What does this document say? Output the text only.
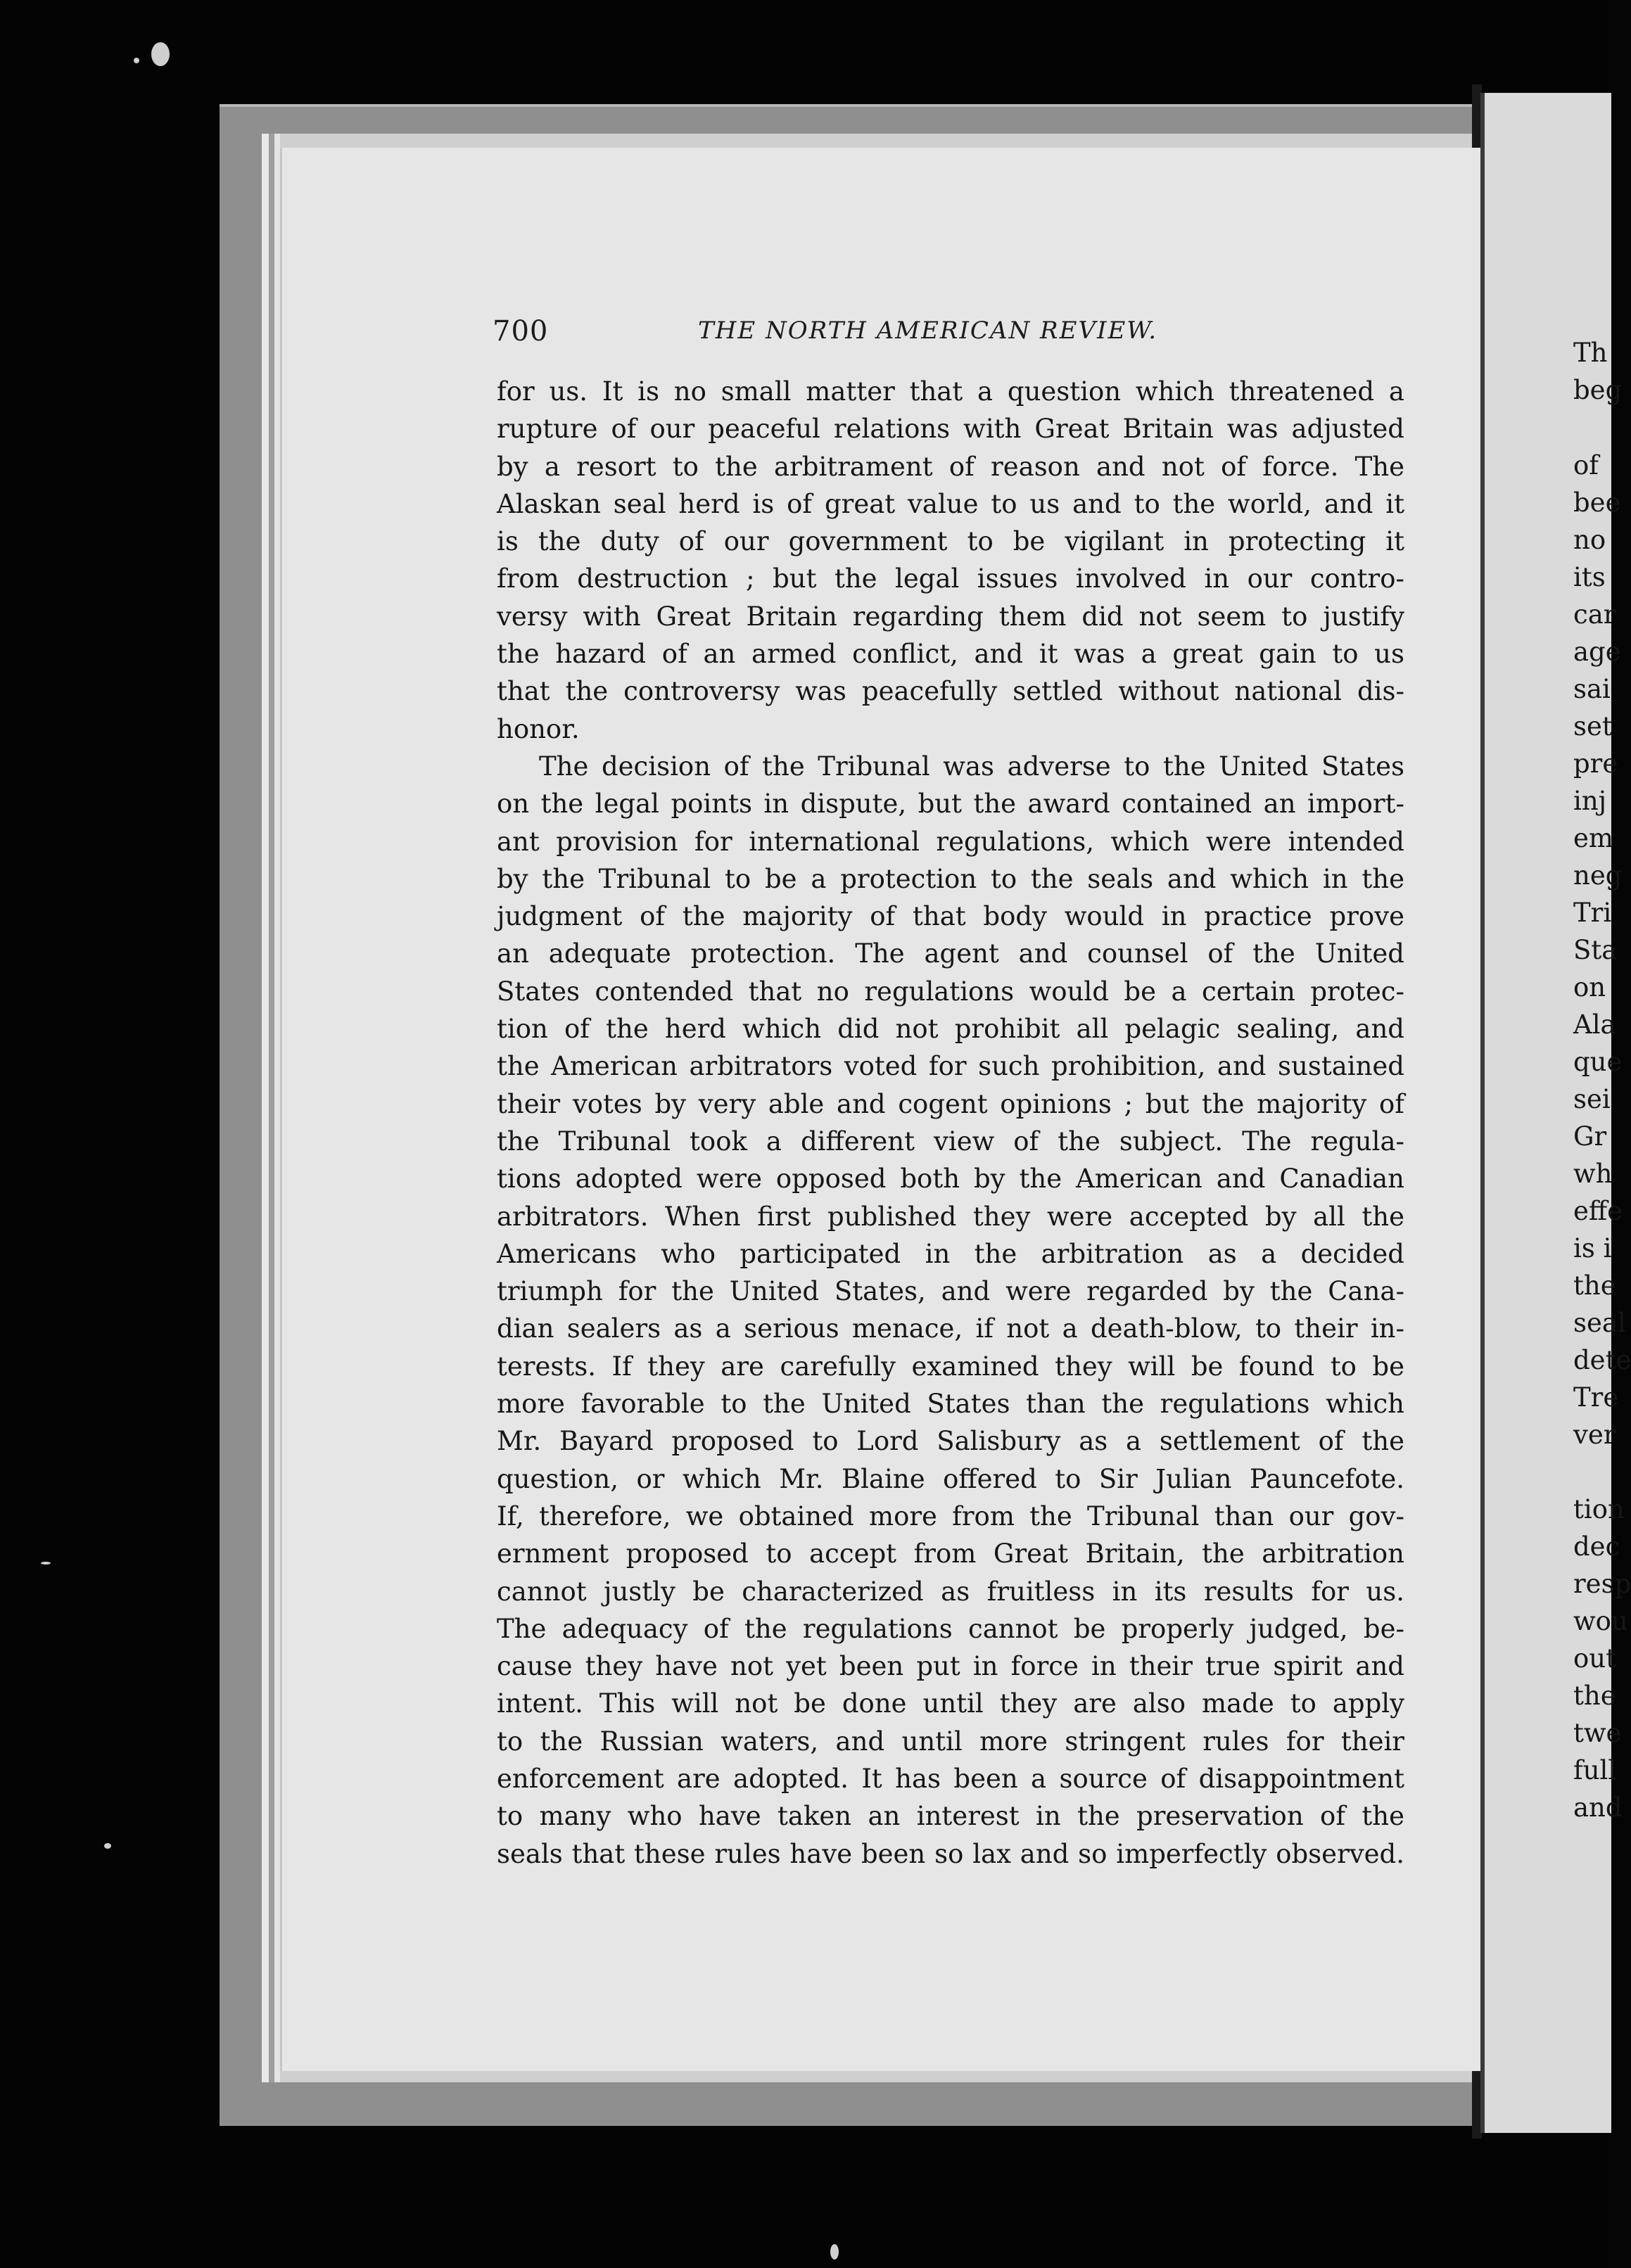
700	THE NORTH AMERICAN REVIEW.
for us. It is no small matter that a question which threatened a
rupture of our peaceful relations with Great Britain was adjusted
by a resort to the arbitrament of reason and not of force. The
Alaskan seal herd is of great value to us and to the world, and it
is the duty of our government to be vigilant in protecting it
from destruction ; but the legal issues involved in our contro-
versy with Great Britain regarding them did not seem to justify
the hazard of an armed conflict, and it was a great gain to us
that the controversy was peacefully settled without national dis-
honor.
The decision of the Tribunal was adverse to the United States
on the legal points in dispute, but the award contained an import-
ant provision for international regulations, which were intended
by the Tribunal to be a protection to the seals and which in the
judgment of the majority of that body would in practice prove
an adequate protection. The agent and counsel of the United
States contended that no regulations would be a certain protec-
tion of the herd which did not prohibit all pelagic sealing, and
the American arbitrators voted for such prohibition, and sustained
their votes by very able and cogent opinions ; but the majority of
the Tribunal took a different view of the subject. The regula-
tions adopted were opposed both by the American and Canadian
arbitrators. When first published they were accepted by all the
Americans who participated in the arbitration as a decided
triumph for the United States, and were regarded by the Cana-
dian sealers as a serious menace, if not a death-blow, to their in-
terests. If they are carefully examined they will be found to be
more favorable to the United States than the regulations which
Mr. Bayard proposed to Lord Salisbury as a settlement of the
question, or which Mr. Blaine offered to Sir Julian Pauncefote.
If, therefore, we obtained more from the Tribunal than our gov-
ernment proposed to accept from Great Britain, the arbitration
cannot justly be characterized as fruitless in its results for us.
The adequacy of the regulations cannot be properly judged, be-
cause they have not yet been put in force in their true spirit and
intent. This will not be done until they are also made to apply
to the Russian waters, and until more stringent rules for their
enforcement are adopted. It has been a source of disappointment
to many who have taken an interest in the preservation of the
seals that these rules have been so lax and so imperfectly observed.
Th
beg
of
bee
no
its
car
age
sai
set
pre
inj
em
neg
Tri
Sta
on
Ala
que
sei
Gr
wh
effe
is i
the
seal
dete
Tre
ver
tion
dec
resp
wou
out
the
twe
full
and
